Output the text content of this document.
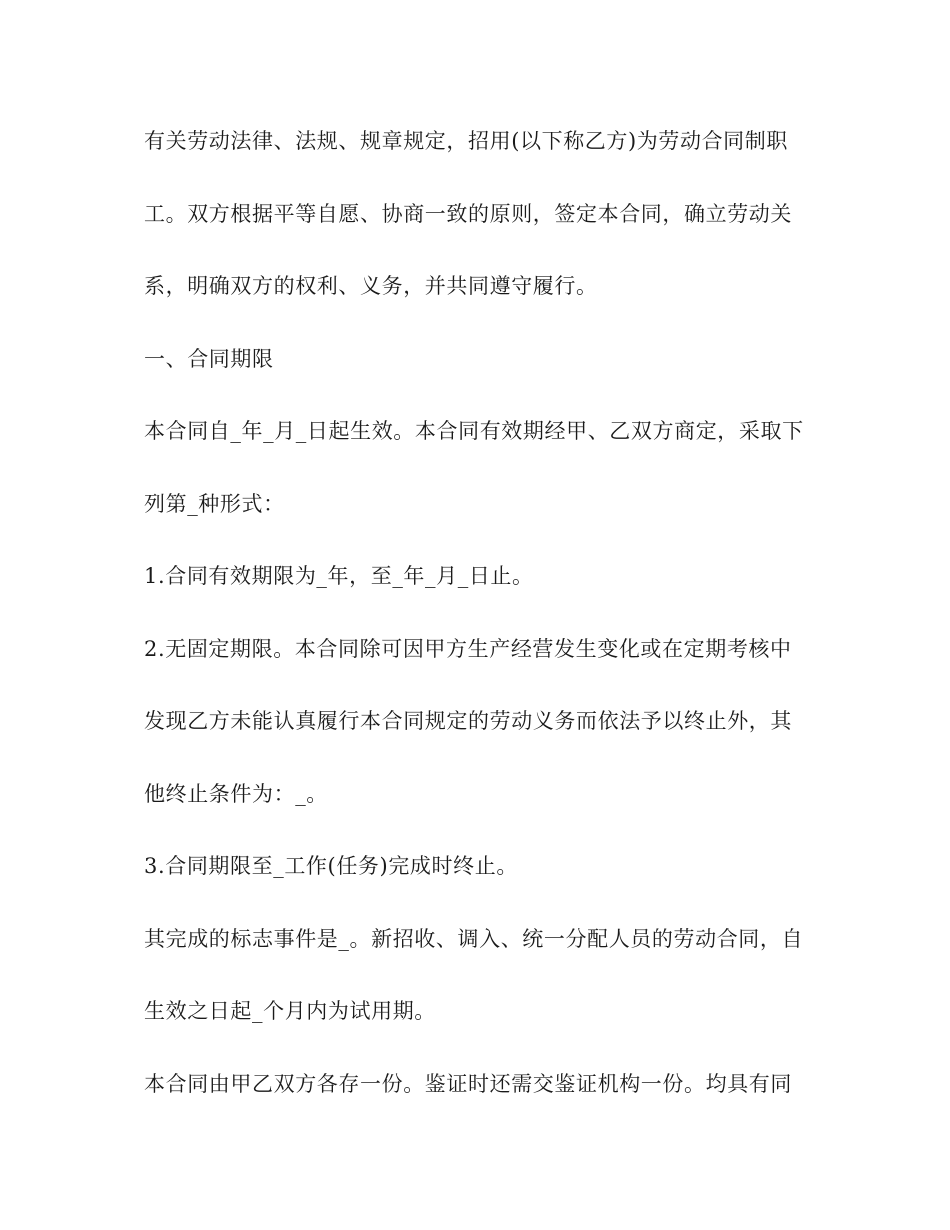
有关劳动法律、法规、规章规定，招用(以下称乙方)为劳动合同制职

工。双方根据平等自愿、协商一致的原则，签定本合同，确立劳动关

系，明确双方的权利、义务，并共同遵守履行。

一、合同期限

本合同自_年_月_日起生效。本合同有效期经甲、乙双方商定，采取下

列第_种形式：

1.合同有效期限为_年，至_年_月_日止。

2.无固定期限。本合同除可因甲方生产经营发生变化或在定期考核中

发现乙方未能认真履行本合同规定的劳动义务而依法予以终止外，其

他终止条件为：_。

3.合同期限至_工作(任务)完成时终止。

其完成的标志事件是_。新招收、调入、统一分配人员的劳动合同，自

生效之日起_个月内为试用期。

本合同由甲乙双方各存一份。鉴证时还需交鉴证机构一份。均具有同
